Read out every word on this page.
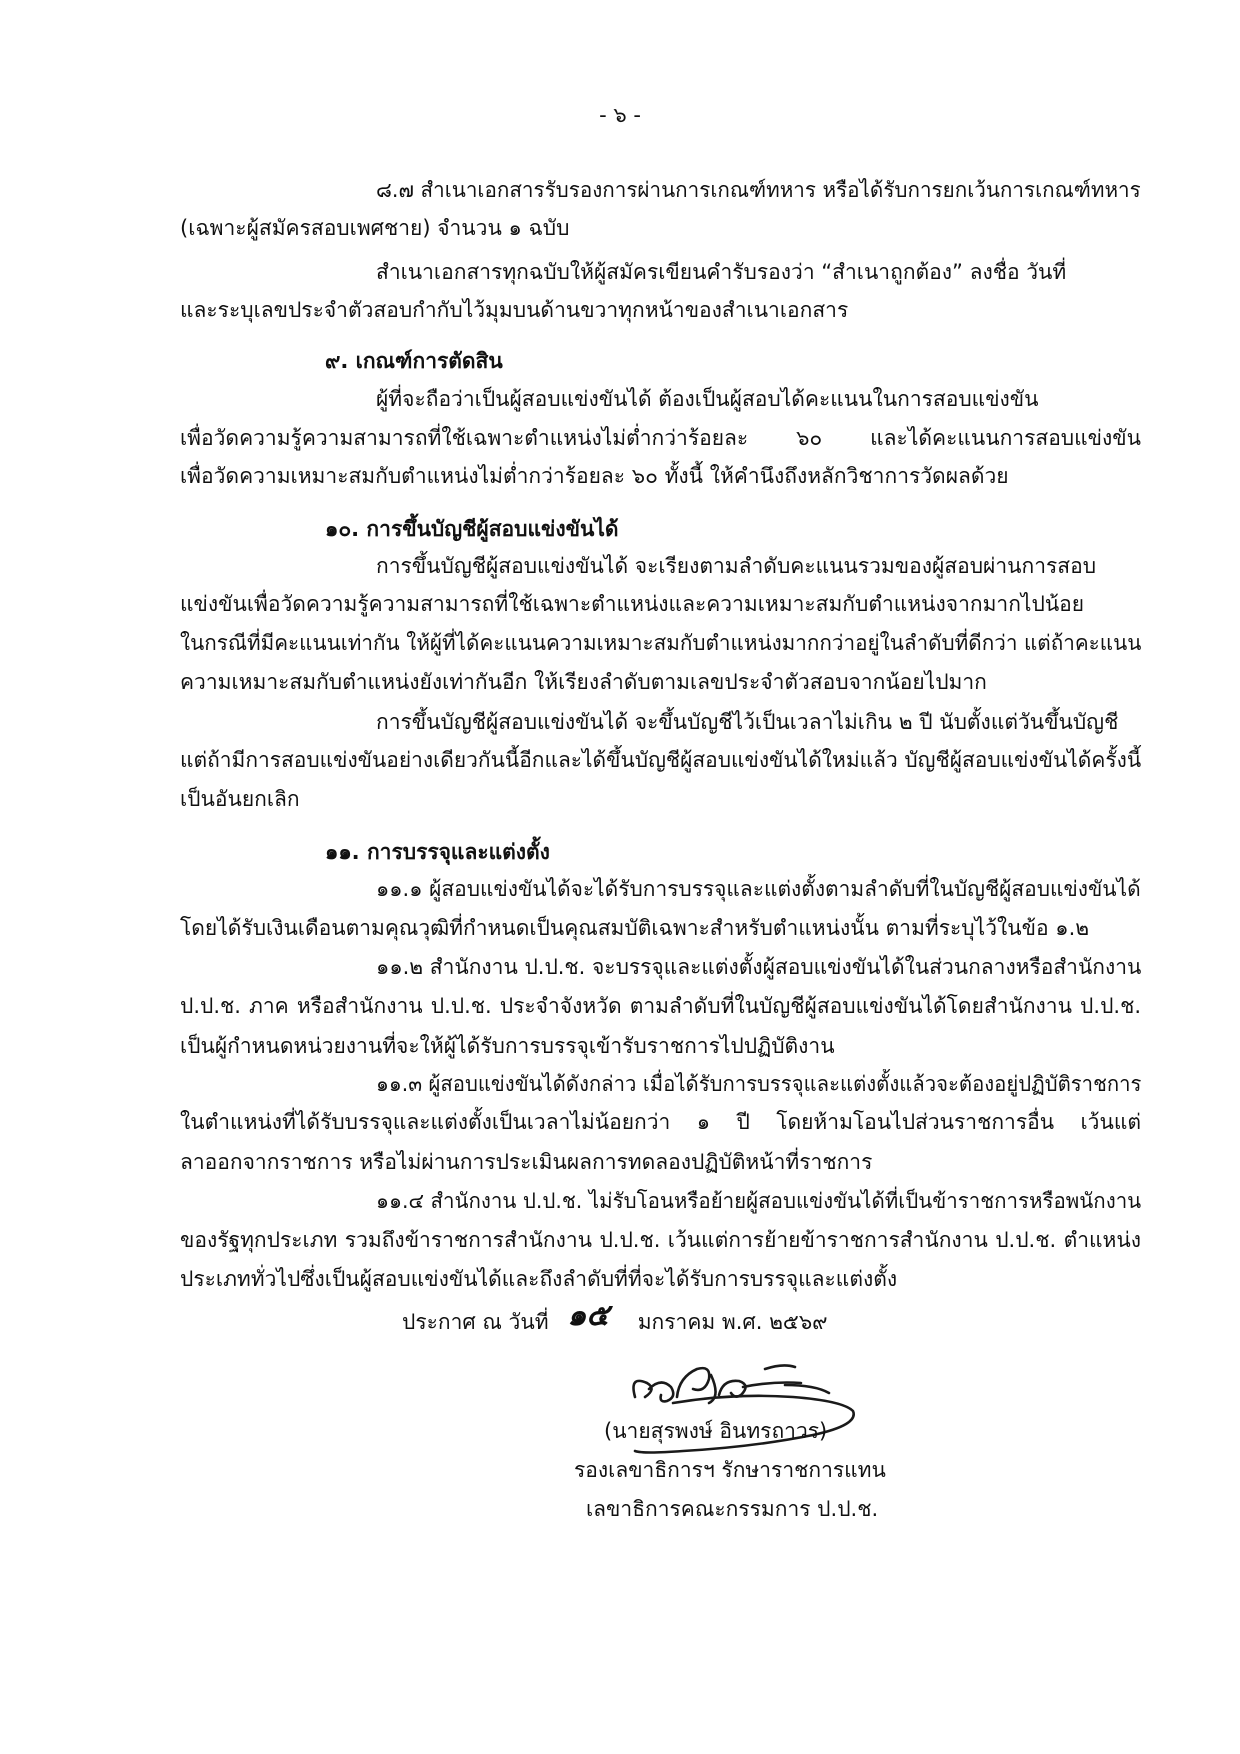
- ๖ -
๘.๗ สำเนาเอกสารรับรองการผ่านการเกณฑ์ทหาร หรือได้รับการยกเว้นการเกณฑ์ทหาร
(เฉพาะผู้สมัครสอบเพศชาย) จำนวน ๑ ฉบับ
สำเนาเอกสารทุกฉบับให้ผู้สมัครเขียนคำรับรองว่า “สำเนาถูกต้อง” ลงชื่อ วันที่
และระบุเลขประจำตัวสอบกำกับไว้มุมบนด้านขวาทุกหน้าของสำเนาเอกสาร
๙. เกณฑ์การตัดสิน
ผู้ที่จะถือว่าเป็นผู้สอบแข่งขันได้ ต้องเป็นผู้สอบได้คะแนนในการสอบแข่งขัน
เพื่อวัดความรู้ความสามารถที่ใช้เฉพาะตำแหน่งไม่ต่ำกว่าร้อยละ ๖๐ และได้คะแนนการสอบแข่งขัน
เพื่อวัดความเหมาะสมกับตำแหน่งไม่ต่ำกว่าร้อยละ ๖๐ ทั้งนี้ ให้คำนึงถึงหลักวิชาการวัดผลด้วย
๑๐. การขึ้นบัญชีผู้สอบแข่งขันได้
การขึ้นบัญชีผู้สอบแข่งขันได้ จะเรียงตามลำดับคะแนนรวมของผู้สอบผ่านการสอบ
แข่งขันเพื่อวัดความรู้ความสามารถที่ใช้เฉพาะตำแหน่งและความเหมาะสมกับตำแหน่งจากมากไปน้อย
ในกรณีที่มีคะแนนเท่ากัน ให้ผู้ที่ได้คะแนนความเหมาะสมกับตำแหน่งมากกว่าอยู่ในลำดับที่ดีกว่า แต่ถ้าคะแนน
ความเหมาะสมกับตำแหน่งยังเท่ากันอีก ให้เรียงลำดับตามเลขประจำตัวสอบจากน้อยไปมาก
การขึ้นบัญชีผู้สอบแข่งขันได้ จะขึ้นบัญชีไว้เป็นเวลาไม่เกิน ๒ ปี นับตั้งแต่วันขึ้นบัญชี
แต่ถ้ามีการสอบแข่งขันอย่างเดียวกันนี้อีกและได้ขึ้นบัญชีผู้สอบแข่งขันได้ใหม่แล้ว บัญชีผู้สอบแข่งขันได้ครั้งนี้
เป็นอันยกเลิก
๑๑. การบรรจุและแต่งตั้ง
๑๑.๑ ผู้สอบแข่งขันได้จะได้รับการบรรจุและแต่งตั้งตามลำดับที่ในบัญชีผู้สอบแข่งขันได้
โดยได้รับเงินเดือนตามคุณวุฒิที่กำหนดเป็นคุณสมบัติเฉพาะสำหรับตำแหน่งนั้น ตามที่ระบุไว้ในข้อ ๑.๒
๑๑.๒ สำนักงาน ป.ป.ช. จะบรรจุและแต่งตั้งผู้สอบแข่งขันได้ในส่วนกลางหรือสำนักงาน
ป.ป.ช. ภาค หรือสำนักงาน ป.ป.ช. ประจำจังหวัด ตามลำดับที่ในบัญชีผู้สอบแข่งขันได้โดยสำนักงาน ป.ป.ช.
เป็นผู้กำหนดหน่วยงานที่จะให้ผู้ได้รับการบรรจุเข้ารับราชการไปปฏิบัติงาน
๑๑.๓ ผู้สอบแข่งขันได้ดังกล่าว เมื่อได้รับการบรรจุและแต่งตั้งแล้วจะต้องอยู่ปฏิบัติราชการ
ในตำแหน่งที่ได้รับบรรจุและแต่งตั้งเป็นเวลาไม่น้อยกว่า ๑ ปี โดยห้ามโอนไปส่วนราชการอื่น เว้นแต่
ลาออกจากราชการ หรือไม่ผ่านการประเมินผลการทดลองปฏิบัติหน้าที่ราชการ
๑๑.๔ สำนักงาน ป.ป.ช. ไม่รับโอนหรือย้ายผู้สอบแข่งขันได้ที่เป็นข้าราชการหรือพนักงาน
ของรัฐทุกประเภท รวมถึงข้าราชการสำนักงาน ป.ป.ช. เว้นแต่การย้ายข้าราชการสำนักงาน ป.ป.ช. ตำแหน่ง
ประเภททั่วไปซึ่งเป็นผู้สอบแข่งขันได้และถึงลำดับที่ที่จะได้รับการบรรจุและแต่งตั้ง
ประกาศ ณ วันที่ ๑๕ มกราคม พ.ศ. ๒๕๖๙
(นายสุรพงษ์ อินทรถาวร)
รองเลขาธิการฯ รักษาราชการแทน
เลขาธิการคณะกรรมการ ป.ป.ช.
